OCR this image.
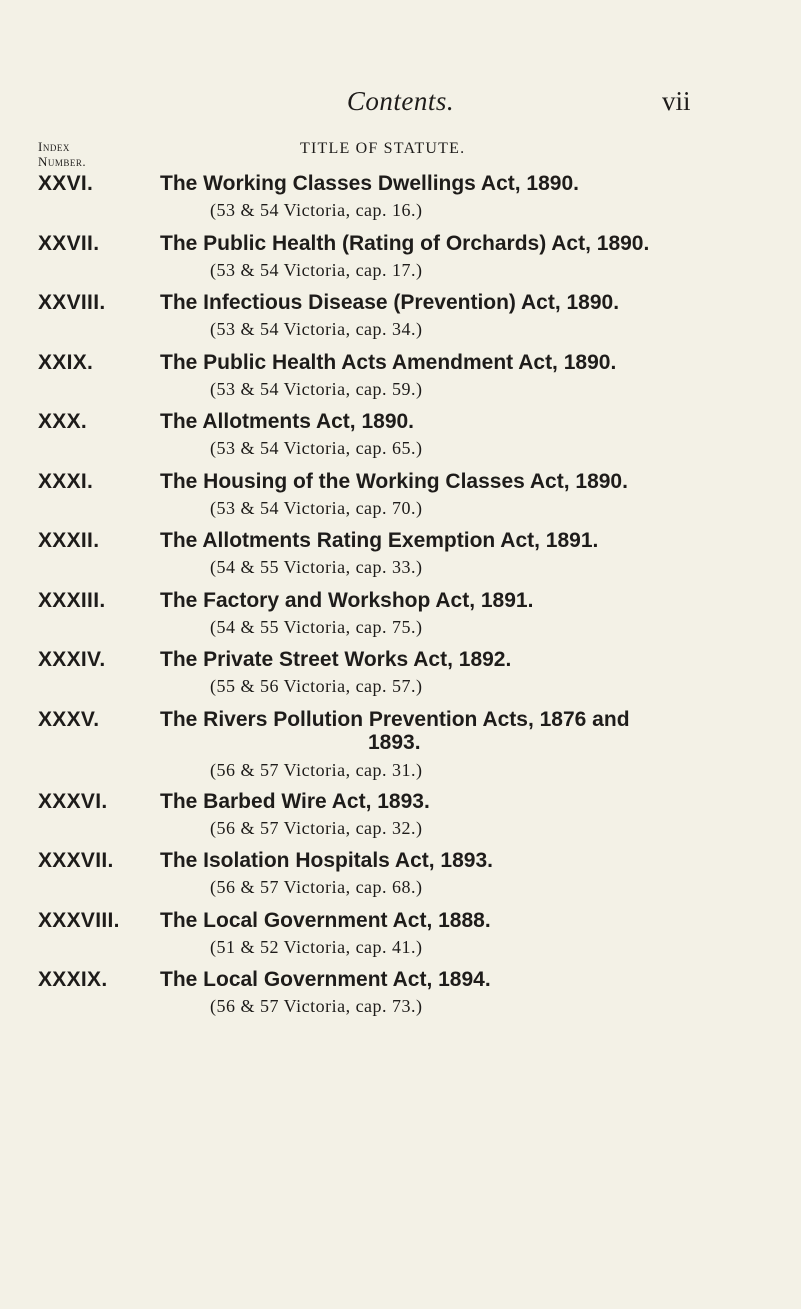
Contents.	vii
Index
Number.
TITLE OF STATUTE.
XXVI.	The Working Classes Dwellings Act, 1890.
(53 & 54 Victoria, cap. 16.)
XXVII.	The Public Health (Rating of Orchards) Act, 1890.
(53 & 54 Victoria, cap. 17.)
XXVIII.	The Infectious Disease (Prevention) Act, 1890.
(53 & 54 Victoria, cap. 34.)
XXIX.	The Public Health Acts Amendment Act, 1890.
(53 & 54 Victoria, cap. 59.)
XXX.	The Allotments Act, 1890.
(53 & 54 Victoria, cap. 65.)
XXXI.	The Housing of the Working Classes Act, 1890.
(53 & 54 Victoria, cap. 70.)
XXXII.	The Allotments Rating Exemption Act, 1891.
(54 & 55 Victoria, cap. 33.)
XXXIII.	The Factory and Workshop Act, 1891.
(54 & 55 Victoria, cap. 75.)
XXXIV.	The Private Street Works Act, 1892.
(55 & 56 Victoria, cap. 57.)
XXXV.	The Rivers Pollution Prevention Acts, 1876 and
1893.
(56 & 57 Victoria, cap. 31.)
XXXVI.	The Barbed Wire Act, 1893.
(56 & 57 Victoria, cap. 32.)
XXXVII. The Isolation Hospitals Act, 1893.
(56 & 57 Victoria, cap. 68.)
XXXVIII. The Local Government Act, 1888.
(51 & 52 Victoria, cap. 41.)
XXXIX.	The Local Government Act, 1894.
(56 & 57 Victoria, cap. 73.)
